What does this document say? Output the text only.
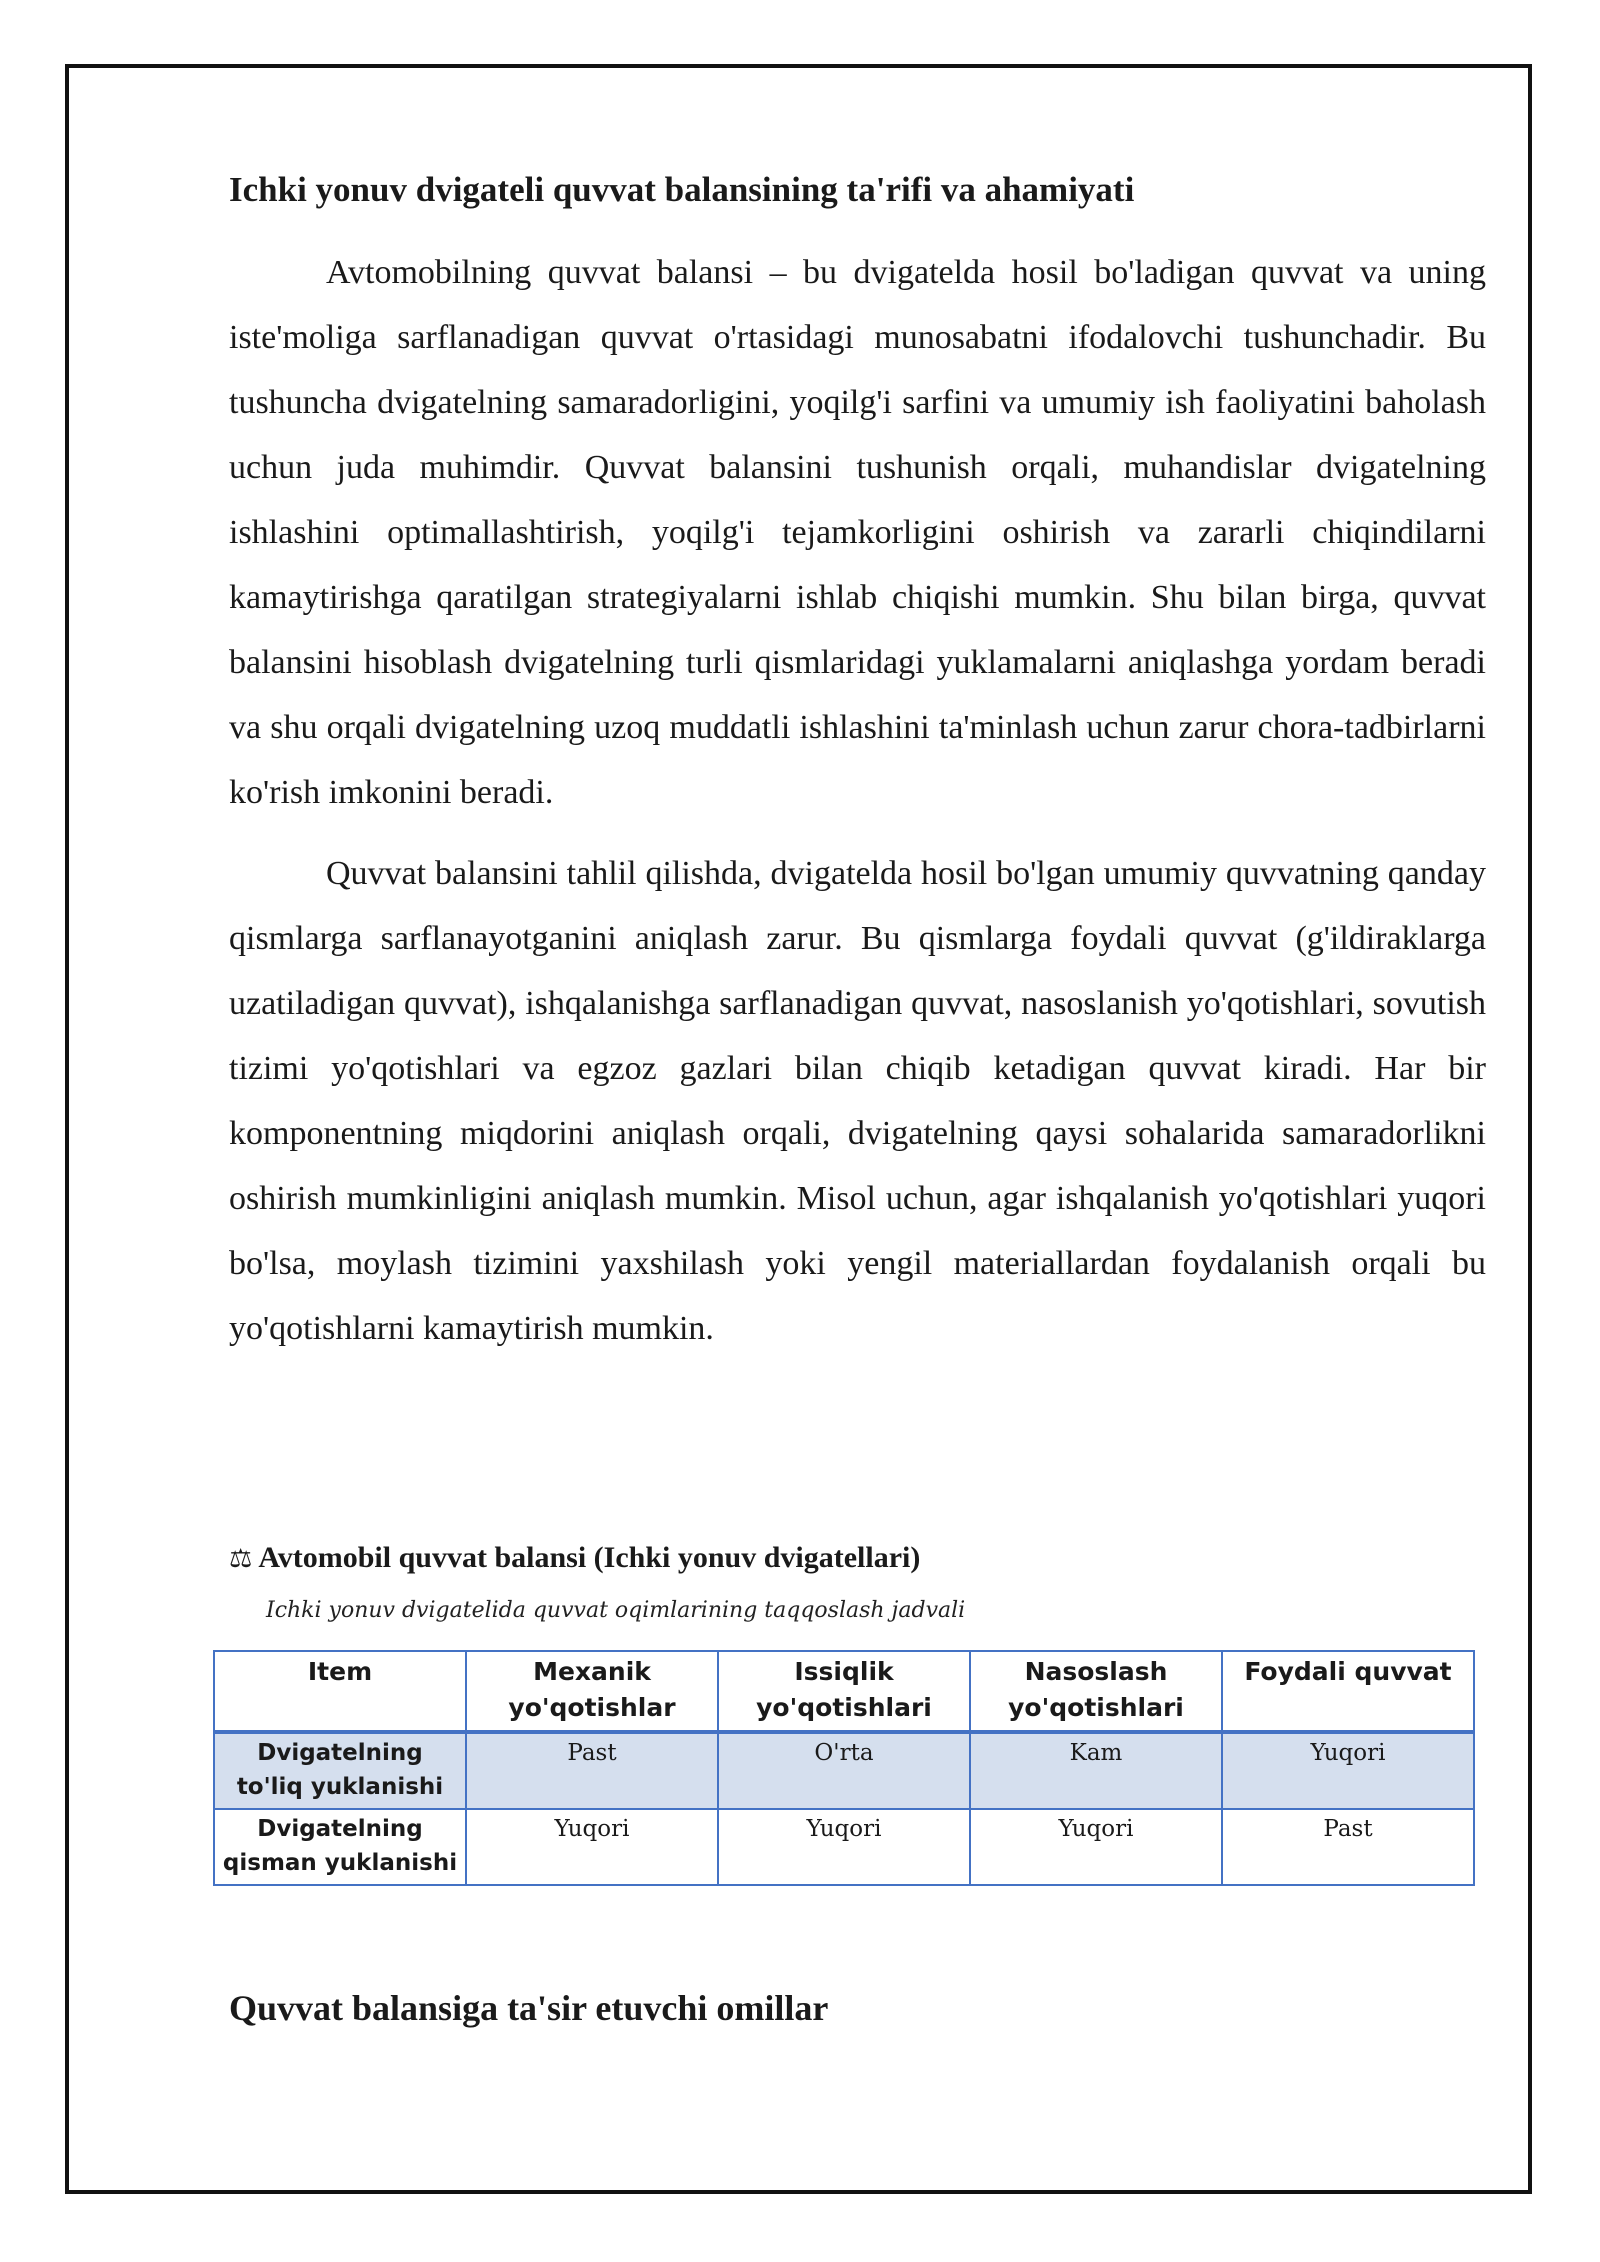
Ichki yonuv dvigateli quvvat balansining ta'rifi va ahamiyati

Avtomobilning quvvat balansi – bu dvigatelda hosil bo'ladigan quvvat va uning iste'moliga sarflanadigan quvvat o'rtasidagi munosabatni ifodalovchi tushunchadir. Bu tushuncha dvigatelning samaradorligini, yoqilg'i sarfini va umumiy ish faoliyatini baholash uchun juda muhimdir. Quvvat balansini tushunish orqali, muhandislar dvigatelning ishlashini optimallashtirish, yoqilg'i tejamkorligini oshirish va zararli chiqindilarni kamaytirishga qaratilgan strategiyalarni ishlab chiqishi mumkin. Shu bilan birga, quvvat balansini hisoblash dvigatelning turli qismlaridagi yuklamalarni aniqlashga yordam beradi va shu orqali dvigatelning uzoq muddatli ishlashini ta'minlash uchun zarur chora-tadbirlarni ko'rish imkonini beradi.

Quvvat balansini tahlil qilishda, dvigatelda hosil bo'lgan umumiy quvvatning qanday qismlarga sarflanayotganini aniqlash zarur. Bu qismlarga foydali quvvat (g'ildiraklarga uzatiladigan quvvat), ishqalanishga sarflanadigan quvvat, nasoslanish yo'qotishlari, sovutish tizimi yo'qotishlari va egzoz gazlari bilan chiqib ketadigan quvvat kiradi. Har bir komponentning miqdorini aniqlash orqali, dvigatelning qaysi sohalarida samaradorlikni oshirish mumkinligini aniqlash mumkin. Misol uchun, agar ishqalanish yo'qotishlari yuqori bo'lsa, moylash tizimini yaxshilash yoki yengil materiallardan foydalanish orqali bu yo'qotishlarni kamaytirish mumkin.

⚖ Avtomobil quvvat balansi (Ichki yonuv dvigatellari)
Ichki yonuv dvigatelida quvvat oqimlarining taqqoslash jadvali
Item	Mexanik yo'qotishlar	Issiqlik yo'qotishlari	Nasoslash yo'qotishlari	Foydali quvvat
Dvigatelning to'liq yuklanishi	Past	O'rta	Kam	Yuqori
Dvigatelning qisman yuklanishi	Yuqori	Yuqori	Yuqori	Past
Quvvat balansiga ta'sir etuvchi omillar
